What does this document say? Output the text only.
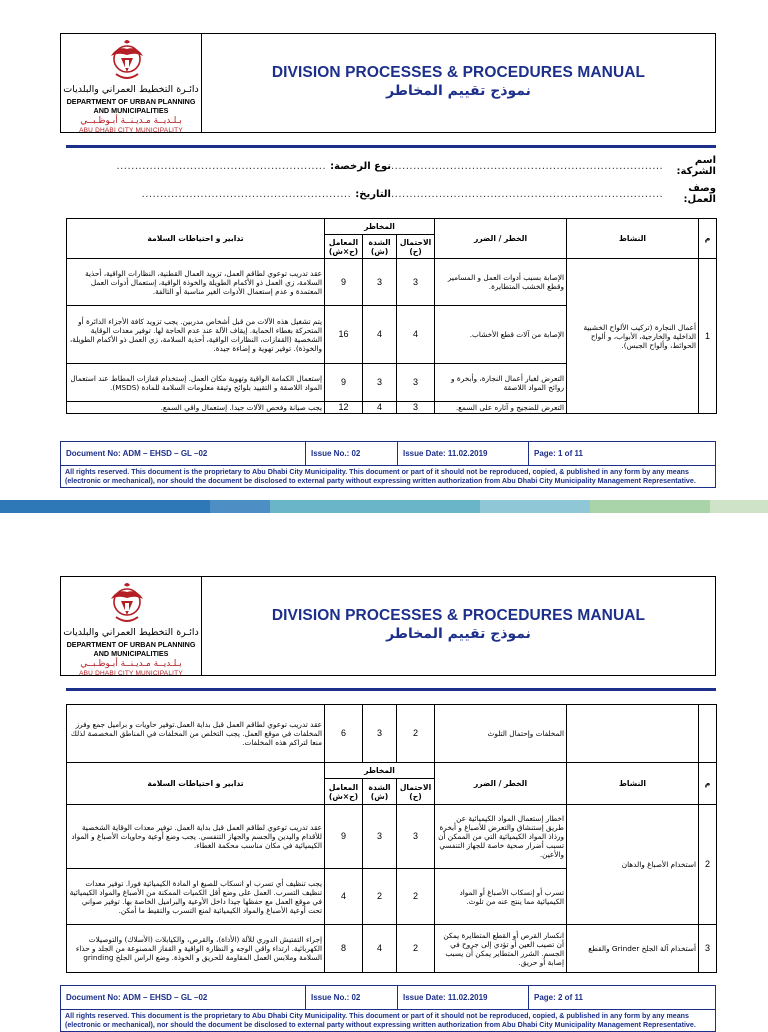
دائـرة التخطيط العمراني والبلديات
DEPARTMENT OF URBAN PLANNING
AND MUNICIPALITIES
بـلـديــة مـديـنــة أبـوظـبــي
ABU DHABI CITY MUNICIPALITY
DIVISION PROCESSES & PROCEDURES MANUAL
نموذج تقييم المخاطر
اسم الشركة:
..........................................................................
نوع الرخصة:
.........................................................
وصف العمل:
..........................................................................
التاريخ:
.........................................................
م	النشاط	الخطر / الضرر	المخاطر			تدابير و احتياطات السلامة
			الاحتمال (ح)	الشدة (ش)	المعامل (ح×ش)	
1	أعمال النجارة (تركيب الألواح الخشبية الداخلية والخارجية، الأبواب، و ألواح الحوائط، وألواح الجبس).	الإصابة بسبب أدوات العمل و المسامير وقطع الخشب المتطايرة.	3	3	9	عقد تدريب توعوي لطاقم العمل، تزويد العمال القطنية، النظارات الواقية، أحذية السلامة، زي العمل ذو الأكمام الطويلة والخوذة الواقية، إستعمال أدوات العمل المعتمدة و عدم إستعمال الأدوات الغير مناسبة أو التالفة.
		الإصابة من آلات قطع الأخشاب.	4	4	16	يتم تشغيل هذه الآلات من قبل أشخاص مدربين. يجب تزويد كافة الأجزاء الدائرة أو المتحركة بغطاء الحماية. إيقاف الآلة عند عدم الحاجة لها. توفير معدات الوقاية الشخصية (القفازات، النظارات الواقية، أحذية السلامة، زي العمل ذو الأكمام الطويلة، والخوذة). توفير تهوية و إضاءة جيدة.
		التعرض لغبار أعمال النجارة، وأبخرة و روائح المواد اللاصقة	3	3	9	إستعمال الكمامة الواقية وتهوية مكان العمل. إستخدام قفازات المطاط عند استعمال المواد اللاصقة و التقييد بلوائح وثيقة معلومات السلامة للمادة (MSDS).
		التعرض للضجيج و آثاره على السمع.	3	4	12	يجب صيانة وفحص الآلات جيدا. إستعمال واقي السمع.
Document No: ADM – EHSD – GL –02	Issue No.: 02	Issue Date: 11.02.2019	Page: 1 of 11
All rights reserved. This document is the proprietary to Abu Dhabi City Municipality. This document or part of it should not be reproduced, copied, & published in any form by any means (electronic or mechanical), nor should the document be disclosed to external party without expressing written authorization from Abu Dhabi City Municipality Management Representative.
دائـرة التخطيط العمراني والبلديات
DEPARTMENT OF URBAN PLANNING
AND MUNICIPALITIES
بـلـديــة مـديـنــة أبـوظـبــي
ABU DHABI CITY MUNICIPALITY
DIVISION PROCESSES & PROCEDURES MANUAL
نموذج تقييم المخاطر
		المخلفات وإحتمال التلوث	2	3	6	عقد تدريب توعوي لطاقم العمل قبل بداية العمل.توفير حاويات و براميل جمع وفرز المخلفات في موقع العمل. يجب التخلص من المخلفات في المناطق المخصصة لذلك منعا لتراكم هذه المخلفات.
م	النشاط	الخطر / الضرر	المخاطر			تدابير و احتياطات السلامة
			الاحتمال (ح)	الشدة (ش)	المعامل (ح×ش)	
2	استخدام الأصباغ والدهان	اخطار إستعمال المواد الكيميائية عن طريق إستنشاق والتعرض للأصباغ و أبخرة ورذاذ المواد الكيميائية التي من الممكن أن تسبب أضرار صحية خاصة للجهاز التنفسي والأعين.	3	3	9	عقد تدريب توعوي لطاقم العمل قبل بداية العمل. توفير معدات الوقاية الشخصية للأقدام واليدين والجسم والجهاز التنفسي. يجب وضع أوعية وحاويات الأصباغ و المواد الكيميائية في مكان مناسب محكمة الغطاء.
		تسرب أو إنسكاب الأصباغ أو المواد الكيميائية مما ينتج عنه من تلوث.	2	2	4	يجب تنظيف أي تسرب او انسكاب للصبغ او المادة الكيميائية فورا. توفير معدات تنظيف التسرب. العمل على وضع أقل الكميات الممكنة من الأصباغ والمواد الكيميائية في موقع العمل مع حفظها جيدا داخل الأوعية والبراميل الخاصة بها. توفير صواني تحت أوعية الأصباغ والمواد الكيميائية لمنع التسرب والتقيط ما أمكن.
3	أستخدام آلة الجلخ Grinder والقطع	انكسار القرص أو القطع المتطايرة يمكن أن تصيب العين أو تؤدي إلى جروح في الجسم. الشرر المتطاير يمكن أن يسبب إصابة أو حريق.	2	4	8	إجراء التفتيش الدوري للآلة (الأداة)، والقرص، والكيابلات (الأسلاك) والتوصيلات الكهربائية. ارتداء واقي الوجه و النظارة الواقية و القفاز المصنوعة من الجلد و حذاء السلامة وملابس العمل المقاومة للحريق و الخوذة. وضع الراس الجلخ grinding
Document No: ADM – EHSD – GL –02	Issue No.: 02	Issue Date: 11.02.2019	Page: 2 of 11
All rights reserved. This document is the proprietary to Abu Dhabi City Municipality. This document or part of it should not be reproduced, copied, & published in any form by any means (electronic or mechanical), nor should the document be disclosed to external party without expressing written authorization from Abu Dhabi City Municipality Management Representative.
